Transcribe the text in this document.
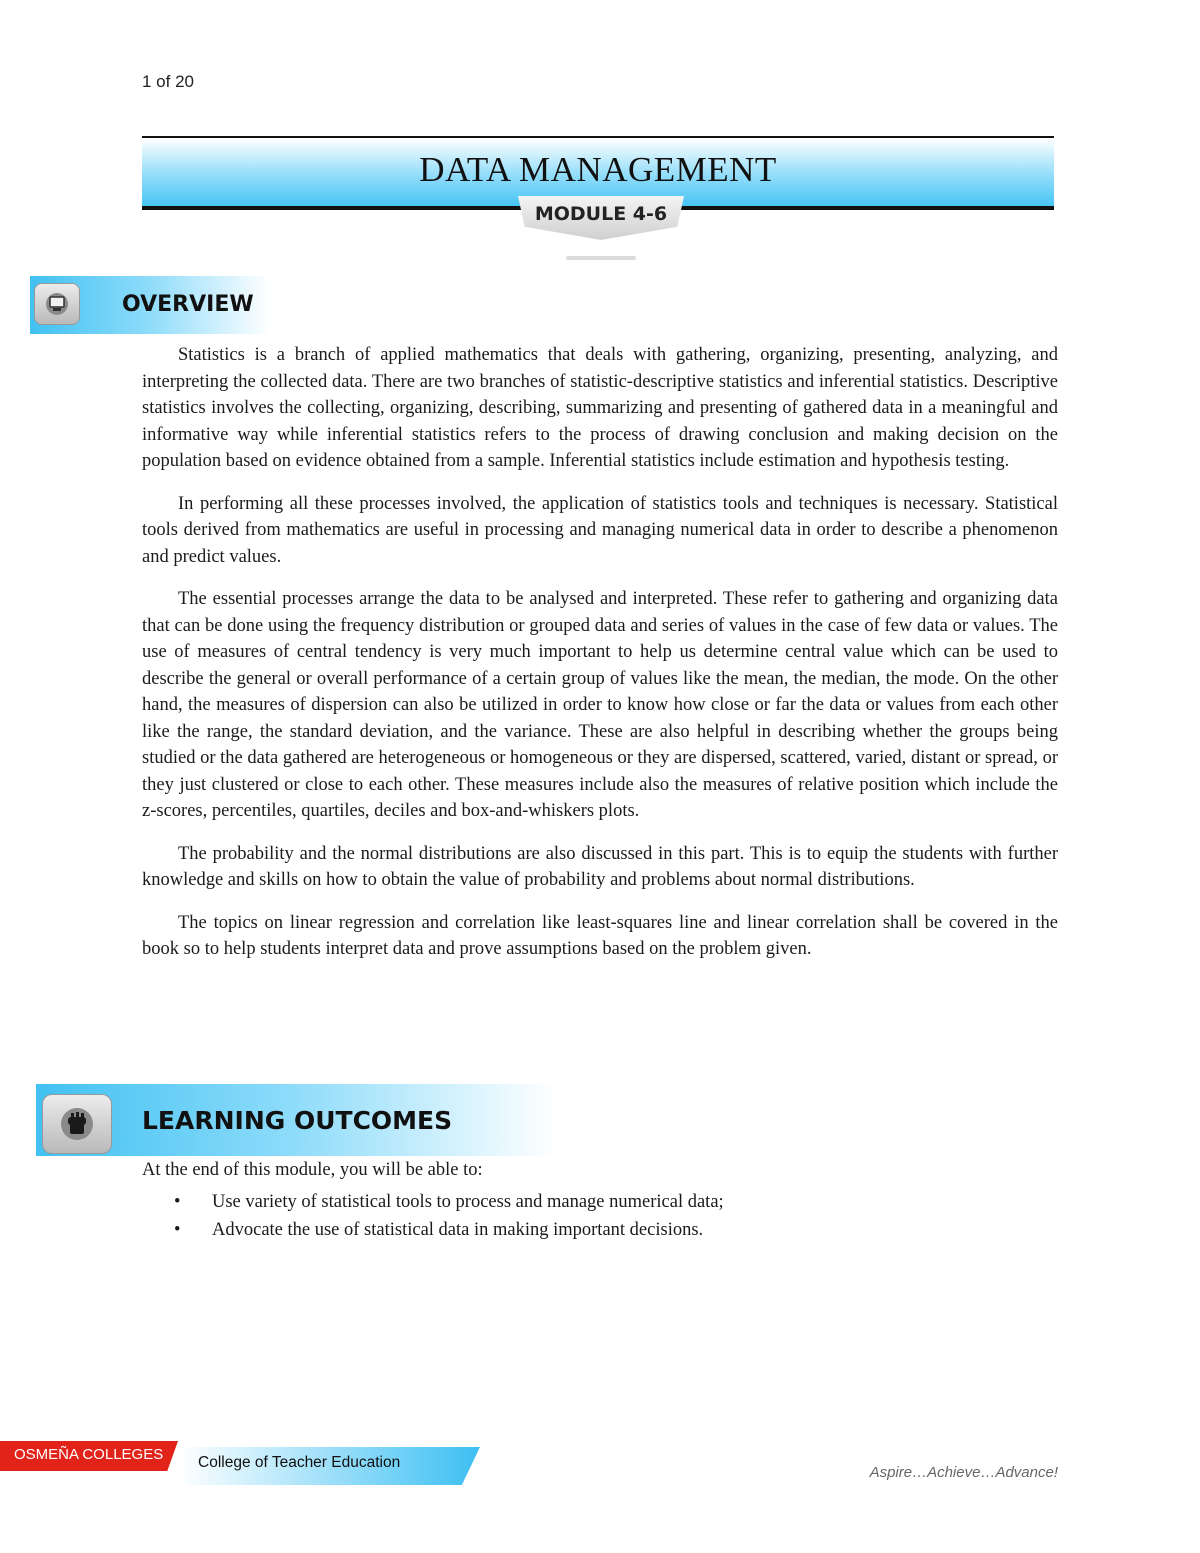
1 of 20
DATA MANAGEMENT
MODULE 4-6
OVERVIEW

Statistics is a branch of applied mathematics that deals with gathering, organizing, presenting, analyzing, and interpreting the collected data. There are two branches of statistic-descriptive statistics and inferential statistics. Descriptive statistics involves the collecting, organizing, describing, summarizing and presenting of gathered data in a meaningful and informative way while inferential statistics refers to the process of drawing conclusion and making decision on the population based on evidence obtained from a sample. Inferential statistics include estimation and hypothesis testing.

In performing all these processes involved, the application of statistics tools and techniques is necessary. Statistical tools derived from mathematics are useful in processing and managing numerical data in order to describe a phenomenon and predict values.

The essential processes arrange the data to be analysed and interpreted. These refer to gathering and organizing data that can be done using the frequency distribution or grouped data and series of values in the case of few data or values. The use of measures of central tendency is very much important to help us determine central value which can be used to describe the general or overall performance of a certain group of values like the mean, the median, the mode. On the other hand, the measures of dispersion can also be utilized in order to know how close or far the data or values from each other like the range, the standard deviation, and the variance. These are also helpful in describing whether the groups being studied or the data gathered are heterogeneous or homogeneous or they are dispersed, scattered, varied, distant or spread, or they just clustered or close to each other. These measures include also the measures of relative position which include the z-scores, percentiles, quartiles, deciles and box-and-whiskers plots.

The probability and the normal distributions are also discussed in this part. This is to equip the students with further knowledge and skills on how to obtain the value of probability and problems about normal distributions.

The topics on linear regression and correlation like least-squares line and linear correlation shall be covered in the book so to help students interpret data and prove assumptions based on the problem given.

LEARNING OUTCOMES
At the end of this module, you will be able to:
• Use variety of statistical tools to process and manage numerical data;
• Advocate the use of statistical data in making important decisions.
OSMEÑA COLLEGES College of Teacher Education
Aspire…Achieve…Advance!
